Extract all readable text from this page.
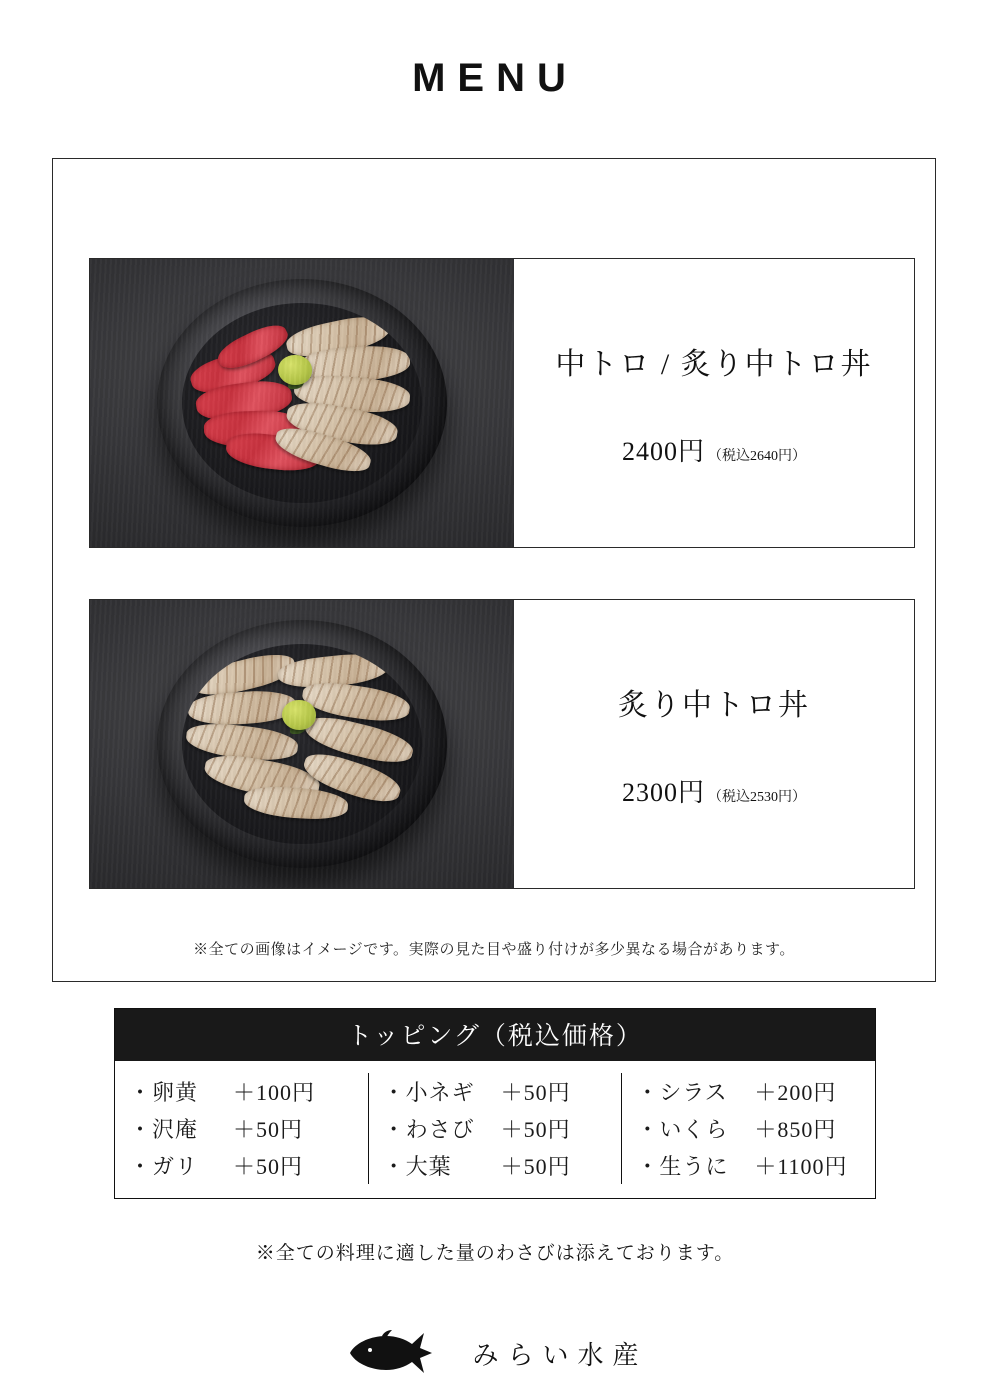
MENU
中トロ / 炙り中トロ丼
2400円 （税込2640円）
炙り中トロ丼
2300円 （税込2530円）
※全ての画像はイメージです。実際の見た目や盛り付けが多少異なる場合があります。
トッピング（税込価格）
・卵黄	＋100円
・沢庵	＋50円
・ガリ	＋50円
・小ネギ	＋50円
・わさび	＋50円
・大葉	＋50円
・シラス	＋200円
・いくら	＋850円
・生うに	＋1100円
※全ての料理に適した量のわさびは添えております。
みらい水産
